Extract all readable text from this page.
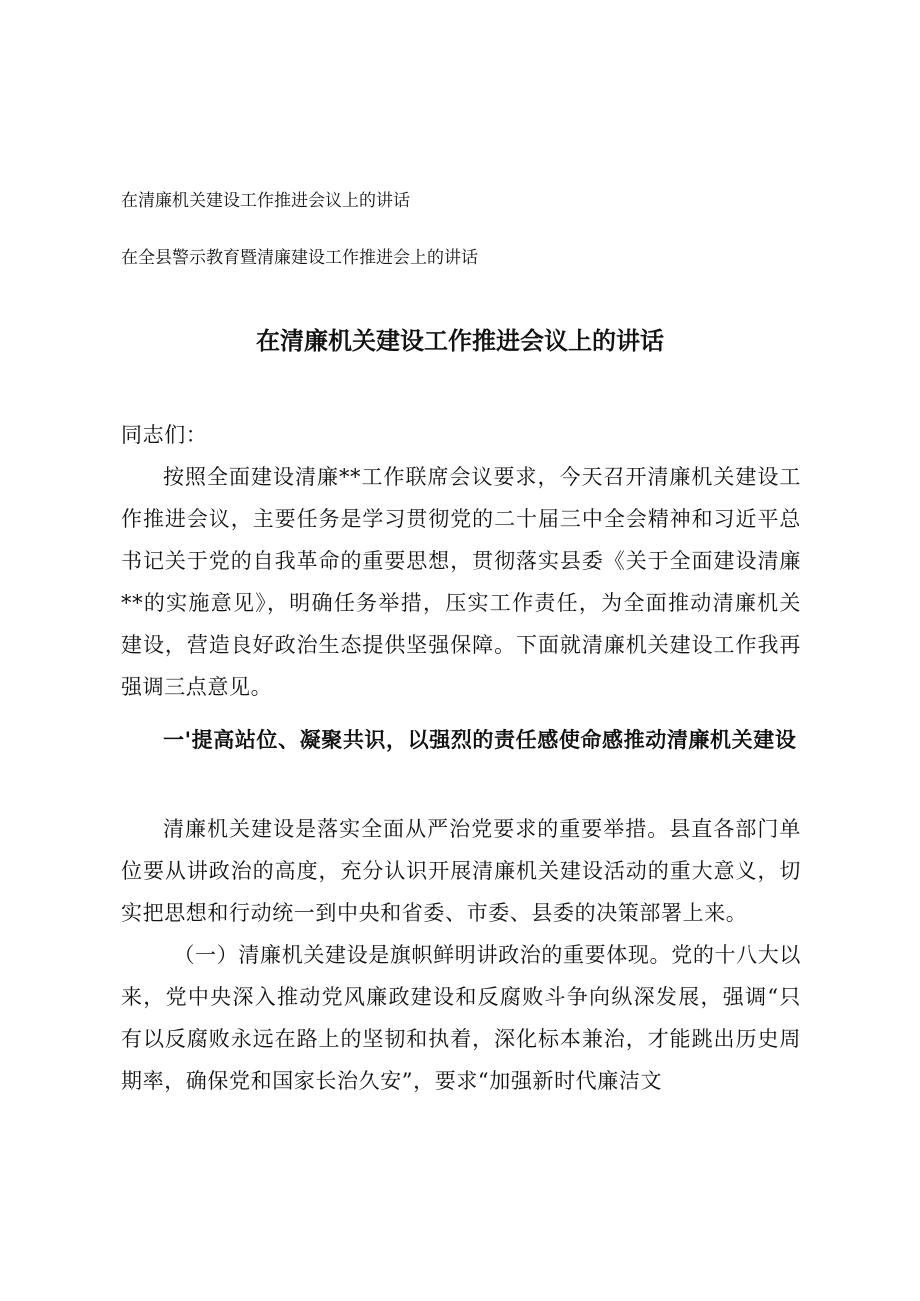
在清廉机关建设工作推进会议上的讲话

在全县警示教育暨清廉建设工作推进会上的讲话

在清廉机关建设工作推进会议上的讲话

同志们：

按照全面建设清廉**工作联席会议要求，今天召开清廉机关建设工作推进会议，主要任务是学习贯彻党的二十届三中全会精神和习近平总书记关于党的自我革命的重要思想，贯彻落实县委《关于全面建设清廉**的实施意见》，明确任务举措，压实工作责任，为全面推动清廉机关建设，营造良好政治生态提供坚强保障。下面就清廉机关建设工作我再强调三点意见。

一'提高站位、凝聚共识，以强烈的责任感使命感推动清廉机关建设

清廉机关建设是落实全面从严治党要求的重要举措。县直各部门单位要从讲政治的高度，充分认识开展清廉机关建设活动的重大意义，切实把思想和行动统一到中央和省委、市委、县委的决策部署上来。

（一）清廉机关建设是旗帜鲜明讲政治的重要体现。党的十八大以来，党中央深入推动党风廉政建设和反腐败斗争向纵深发展，强调“只有以反腐败永远在路上的坚韧和执着，深化标本兼治，才能跳出历史周期率，确保党和国家长治久安”，要求“加强新时代廉洁文
